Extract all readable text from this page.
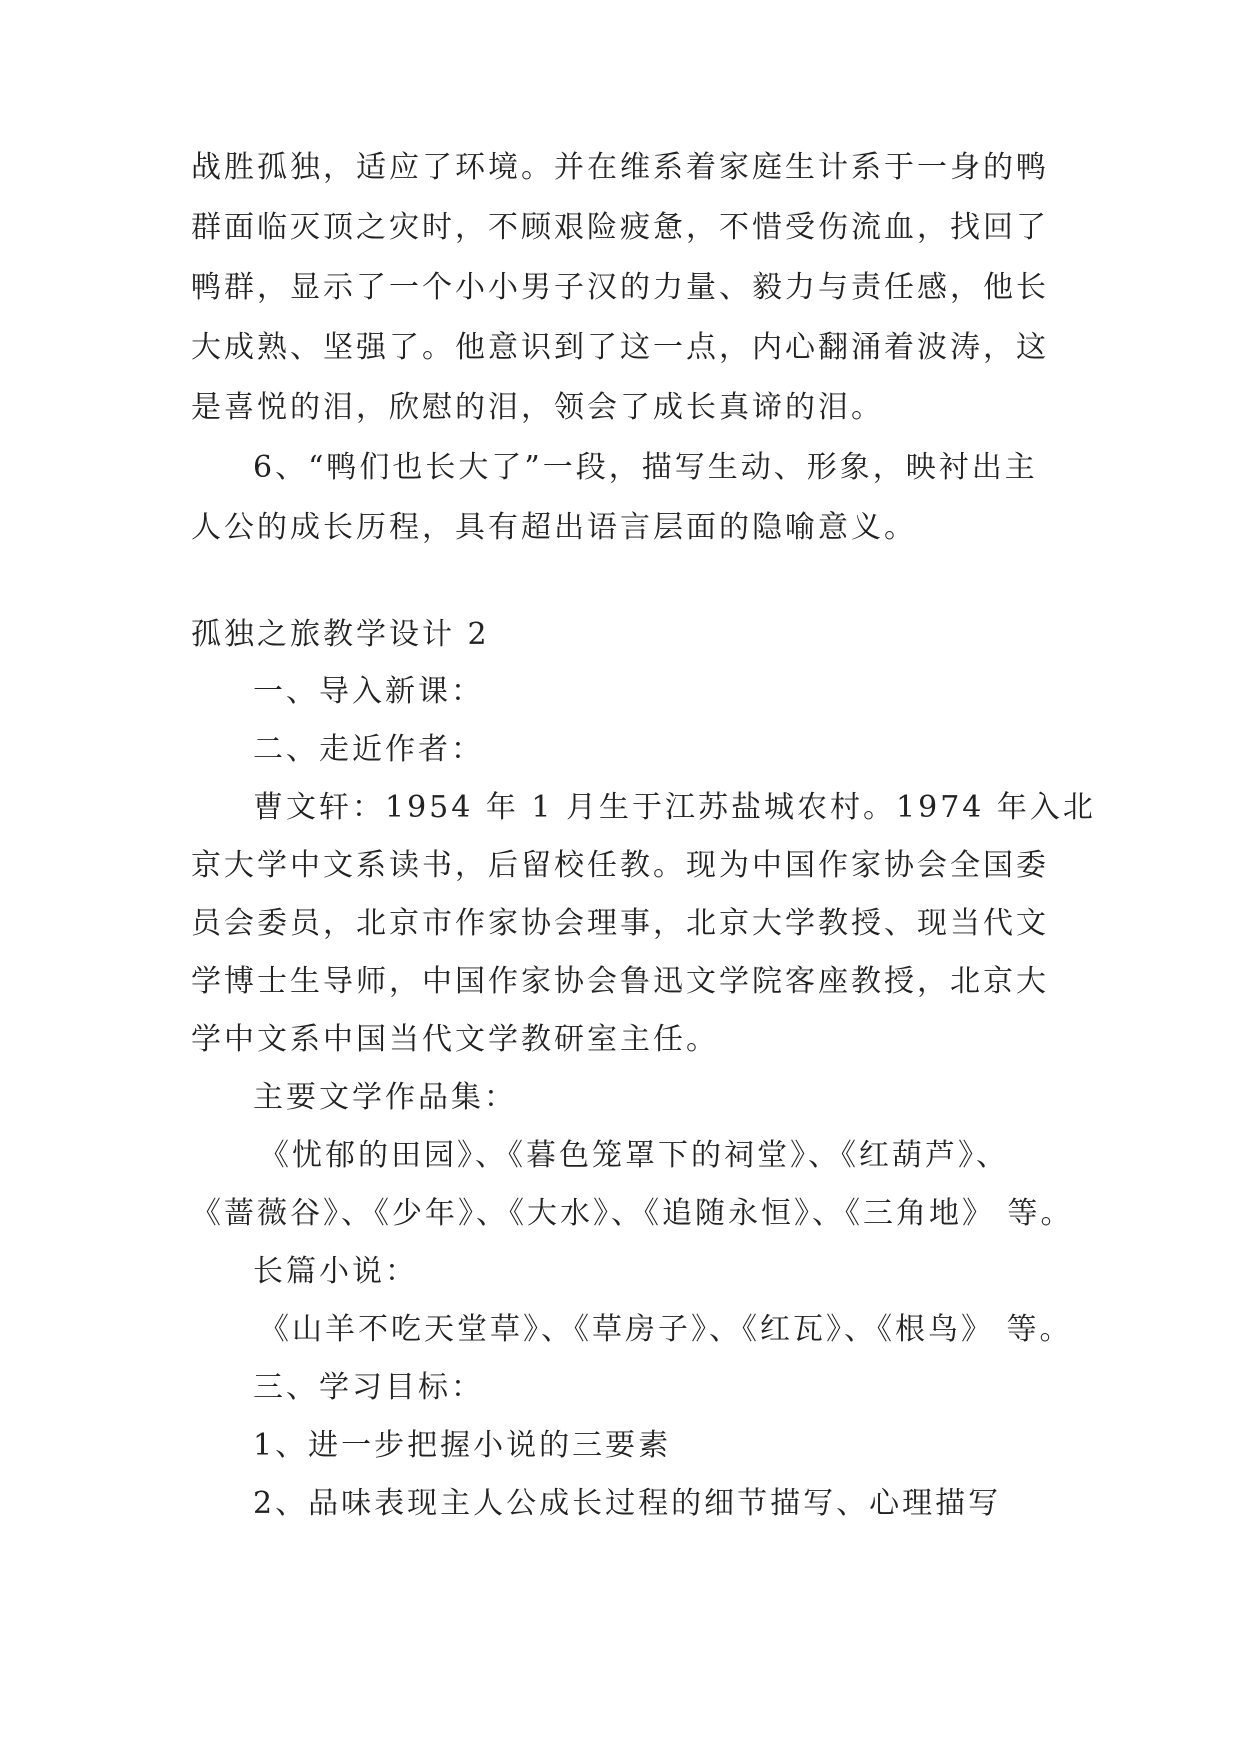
战胜孤独，适应了环境。并在维系着家庭生计系于一身的鸭
群面临灭顶之灾时，不顾艰险疲惫，不惜受伤流血，找回了
鸭群，显示了一个小小男子汉的力量、毅力与责任感，他长
大成熟、坚强了。他意识到了这一点，内心翻涌着波涛，这
是喜悦的泪，欣慰的泪，领会了成长真谛的泪。
6、“鸭们也长大了”一段，描写生动、形象，映衬出主
人公的成长历程，具有超出语言层面的隐喻意义。
孤独之旅教学设计 2
一、导入新课：
二、走近作者：
曹文轩：1954 年 1 月生于江苏盐城农村。1974 年入北
京大学中文系读书，后留校任教。现为中国作家协会全国委
员会委员，北京市作家协会理事，北京大学教授、现当代文
学博士生导师，中国作家协会鲁迅文学院客座教授，北京大
学中文系中国当代文学教研室主任。
主要文学作品集：
《忧郁的田园》、《暮色笼罩下的祠堂》、《红葫芦》、
《蔷薇谷》、《少年》、《大水》、《追随永恒》、《三角地》 等。
长篇小说：
《山羊不吃天堂草》、《草房子》、《红瓦》、《根鸟》 等。
三、学习目标：
1、进一步把握小说的三要素
2、品味表现主人公成长过程的细节描写、心理描写
